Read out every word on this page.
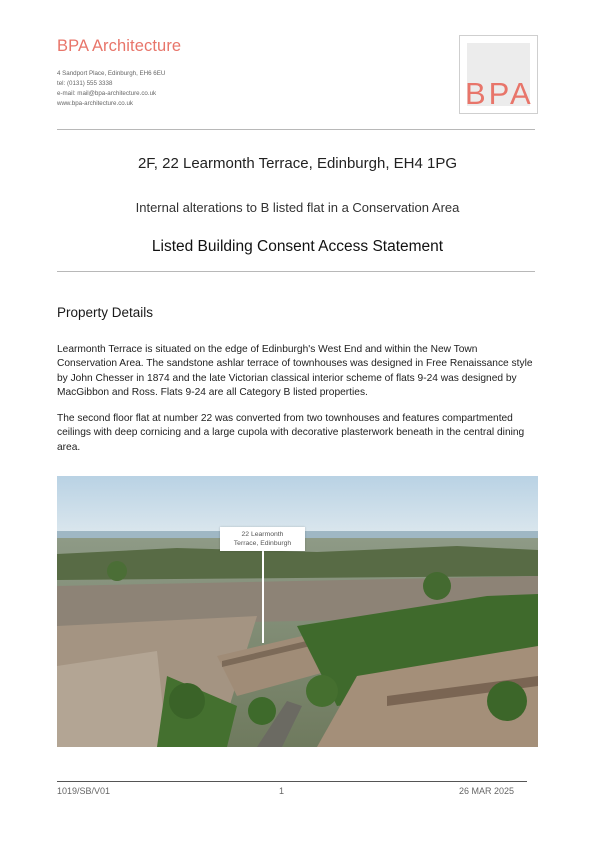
BPA Architecture
4 Sandport Place, Edinburgh, EH6 6EU
tel: (0131) 555 3338
e-mail: mail@bpa-architecture.co.uk
www.bpa-architecture.co.uk	BPA
2F, 22 Learmonth Terrace, Edinburgh, EH4 1PG
Internal alterations to B listed flat in a Conservation Area
Listed Building Consent Access Statement
Property Details
Learmonth Terrace is situated on the edge of Edinburgh's West End and within the New Town Conservation Area. The sandstone ashlar terrace of townhouses was designed in Free Renaissance style by John Chesser in 1874 and the late Victorian classical interior scheme of flats 9-24 was designed by MacGibbon and Ross. Flats 9-24 are all Category B listed properties.
The second floor flat at number 22 was converted from two townhouses and features compartmented ceilings with deep cornicing and a large cupola with decorative plasterwork beneath in the central dining area.
22 Learmonth
Terrace, Edinburgh
1019/SB/V01	1	26 MAR 2025
